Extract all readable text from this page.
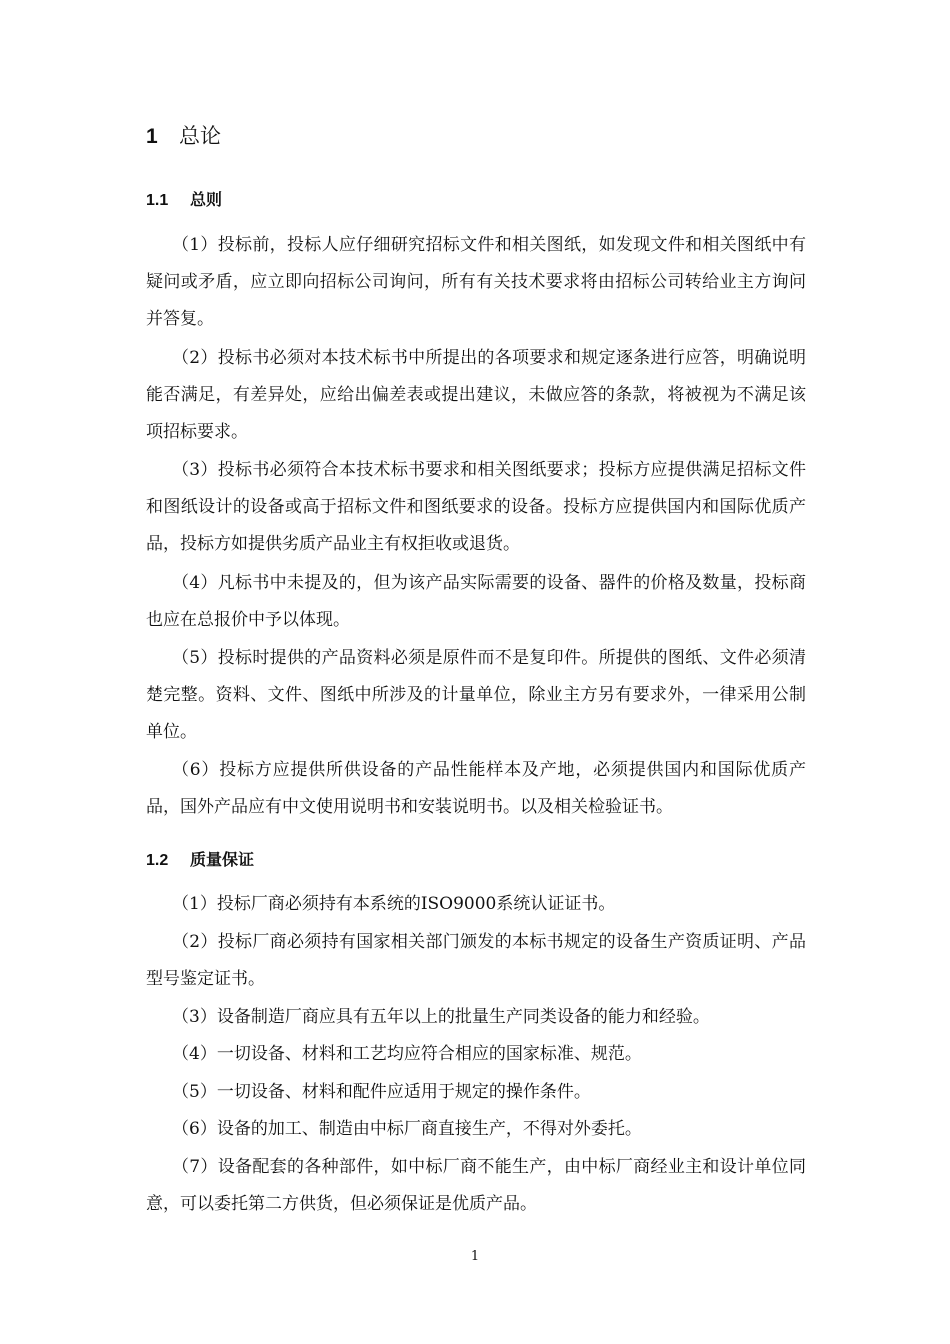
1 总论
1.1 总则

（1）投标前，投标人应仔细研究招标文件和相关图纸，如发现文件和相关图纸中有疑问或矛盾，应立即向招标公司询问，所有有关技术要求将由招标公司转给业主方询问并答复。

（2）投标书必须对本技术标书中所提出的各项要求和规定逐条进行应答，明确说明能否满足，有差异处，应给出偏差表或提出建议，未做应答的条款，将被视为不满足该项招标要求。

（3）投标书必须符合本技术标书要求和相关图纸要求；投标方应提供满足招标文件和图纸设计的设备或高于招标文件和图纸要求的设备。投标方应提供国内和国际优质产品，投标方如提供劣质产品业主有权拒收或退货。

（4）凡标书中未提及的，但为该产品实际需要的设备、器件的价格及数量，投标商也应在总报价中予以体现。

（5）投标时提供的产品资料必须是原件而不是复印件。所提供的图纸、文件必须清楚完整。资料、文件、图纸中所涉及的计量单位，除业主方另有要求外，一律采用公制单位。

（6）投标方应提供所供设备的产品性能样本及产地，必须提供国内和国际优质产品，国外产品应有中文使用说明书和安装说明书。以及相关检验证书。

1.2 质量保证

（1）投标厂商必须持有本系统的ISO9000系统认证证书。

（2）投标厂商必须持有国家相关部门颁发的本标书规定的设备生产资质证明、产品型号鉴定证书。

（3）设备制造厂商应具有五年以上的批量生产同类设备的能力和经验。

（4）一切设备、材料和工艺均应符合相应的国家标准、规范。

（5）一切设备、材料和配件应适用于规定的操作条件。

（6）设备的加工、制造由中标厂商直接生产，不得对外委托。

（7）设备配套的各种部件，如中标厂商不能生产，由中标厂商经业主和设计单位同意，可以委托第二方供货，但必须保证是优质产品。

1
